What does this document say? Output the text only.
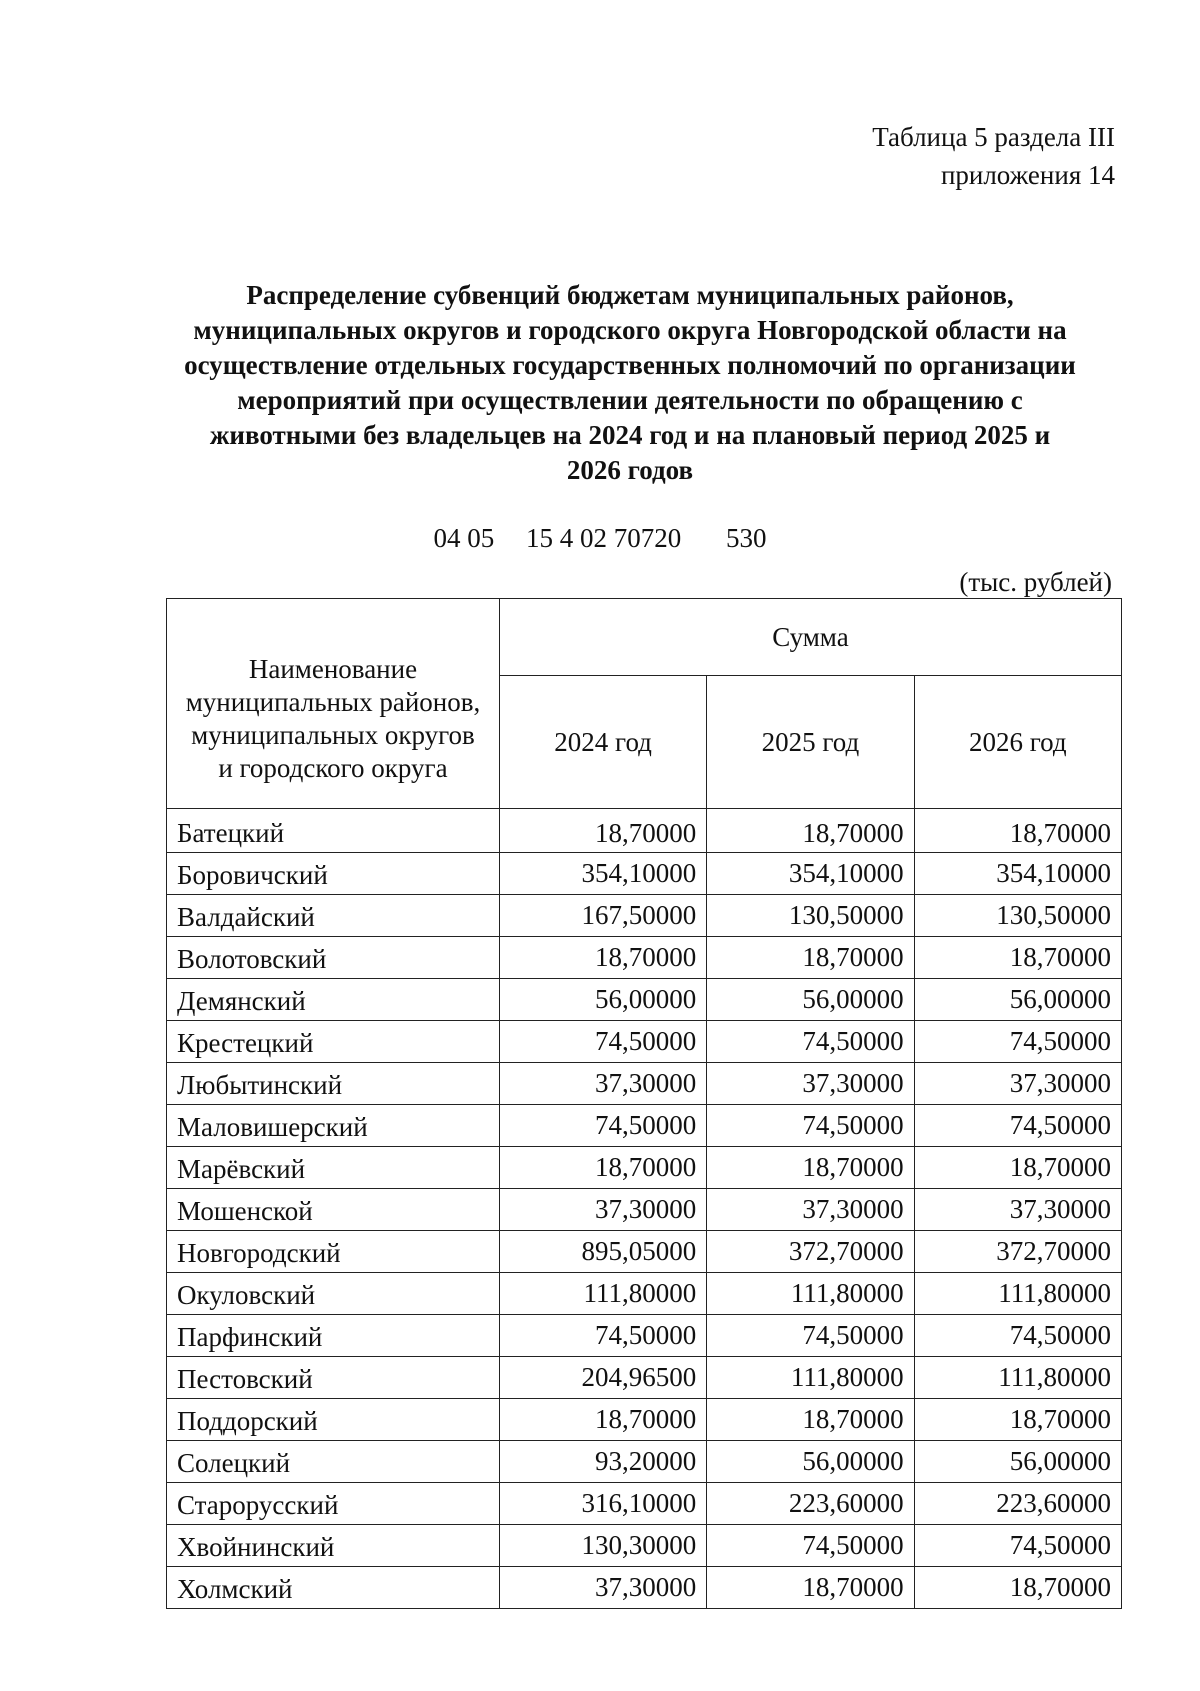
Таблица 5 раздела III
приложения 14
Распределение субвенций бюджетам муниципальных районов,
муниципальных округов и городского округа Новгородской области на
осуществление отдельных государственных полномочий по организации
мероприятий при осуществлении деятельности по обращению с
животными без владельцев на 2024 год и на плановый период 2025 и
2026 годов
04 05 15 4 02 70720 530
(тыс. рублей)
Наименование
муниципальных районов,
муниципальных округов
и городского округа	Сумма		
	2024 год	2025 год	2026 год
Батецкий	18,70000	18,70000	18,70000
Боровичский	354,10000	354,10000	354,10000
Валдайский	167,50000	130,50000	130,50000
Волотовский	18,70000	18,70000	18,70000
Демянский	56,00000	56,00000	56,00000
Крестецкий	74,50000	74,50000	74,50000
Любытинский	37,30000	37,30000	37,30000
Маловишерский	74,50000	74,50000	74,50000
Марёвский	18,70000	18,70000	18,70000
Мошенской	37,30000	37,30000	37,30000
Новгородский	895,05000	372,70000	372,70000
Окуловский	111,80000	111,80000	111,80000
Парфинский	74,50000	74,50000	74,50000
Пестовский	204,96500	111,80000	111,80000
Поддорский	18,70000	18,70000	18,70000
Солецкий	93,20000	56,00000	56,00000
Старорусский	316,10000	223,60000	223,60000
Хвойнинский	130,30000	74,50000	74,50000
Холмский	37,30000	18,70000	18,70000
